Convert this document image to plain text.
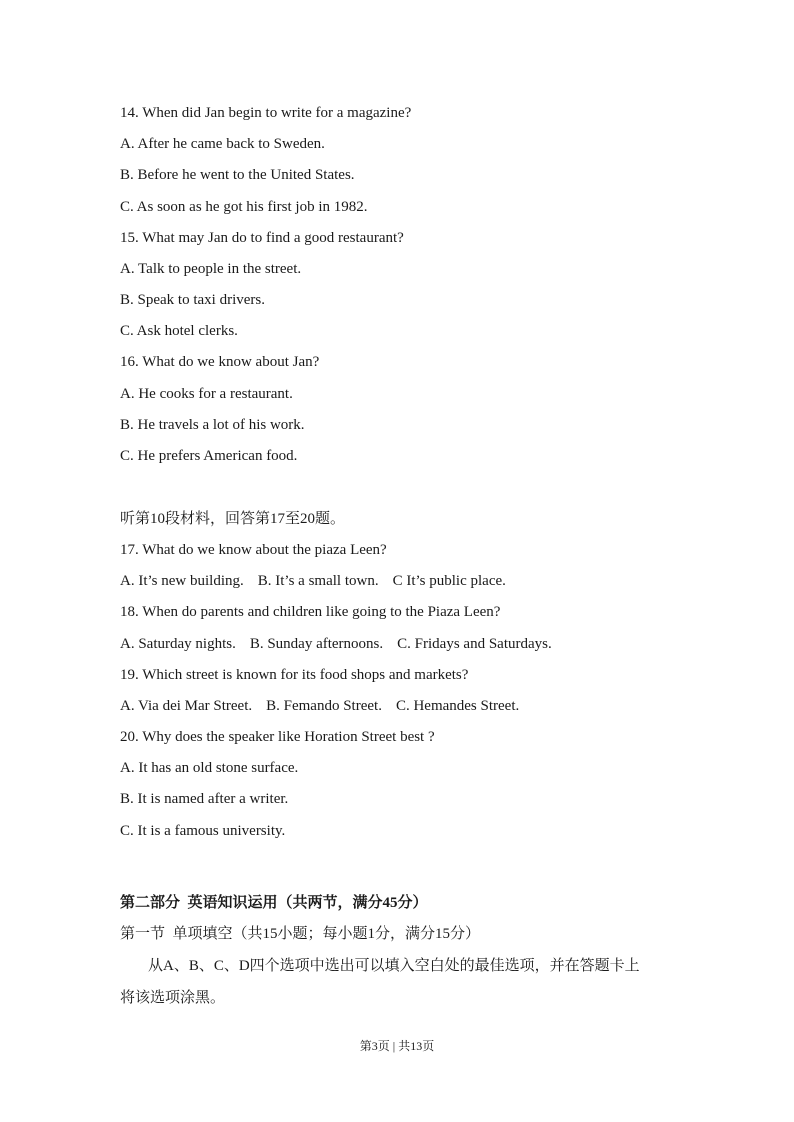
14. When did Jan begin to write for a magazine?
A. After he came back to Sweden.
B. Before he went to the United States.
C. As soon as he got his first job in 1982.
15. What may Jan do to find a good restaurant?
A. Talk to people in the street.
B. Speak to taxi drivers.
C. Ask hotel clerks.
16. What do we know about Jan?
A. He cooks for a restaurant.
B. He travels a lot of his work.
C. He prefers American food.
听第10段材料，回答第17至20题。
17. What do we know about the piaza Leen?
A. It’s new building. B. It’s a small town. C It’s public place.
18. When do parents and children like going to the Piaza Leen?
A. Saturday nights. B. Sunday afternoons. C. Fridays and Saturdays.
19. Which street is known for its food shops and markets?
A. Via dei Mar Street. B. Femando Street. C. Hemandes Street.
20. Why does the speaker like Horation Street best ?
A. It has an old stone surface.
B. It is named after a writer.
C. It is a famous university.
第二部分  英语知识运用（共两节，满分45分）
第一节  单项填空（共15小题；每小题1分，满分15分）
从A、B、C、D四个选项中选出可以填入空白处的最佳选项，并在答题卡上
将该选项涂黑。
第3页 | 共13页
